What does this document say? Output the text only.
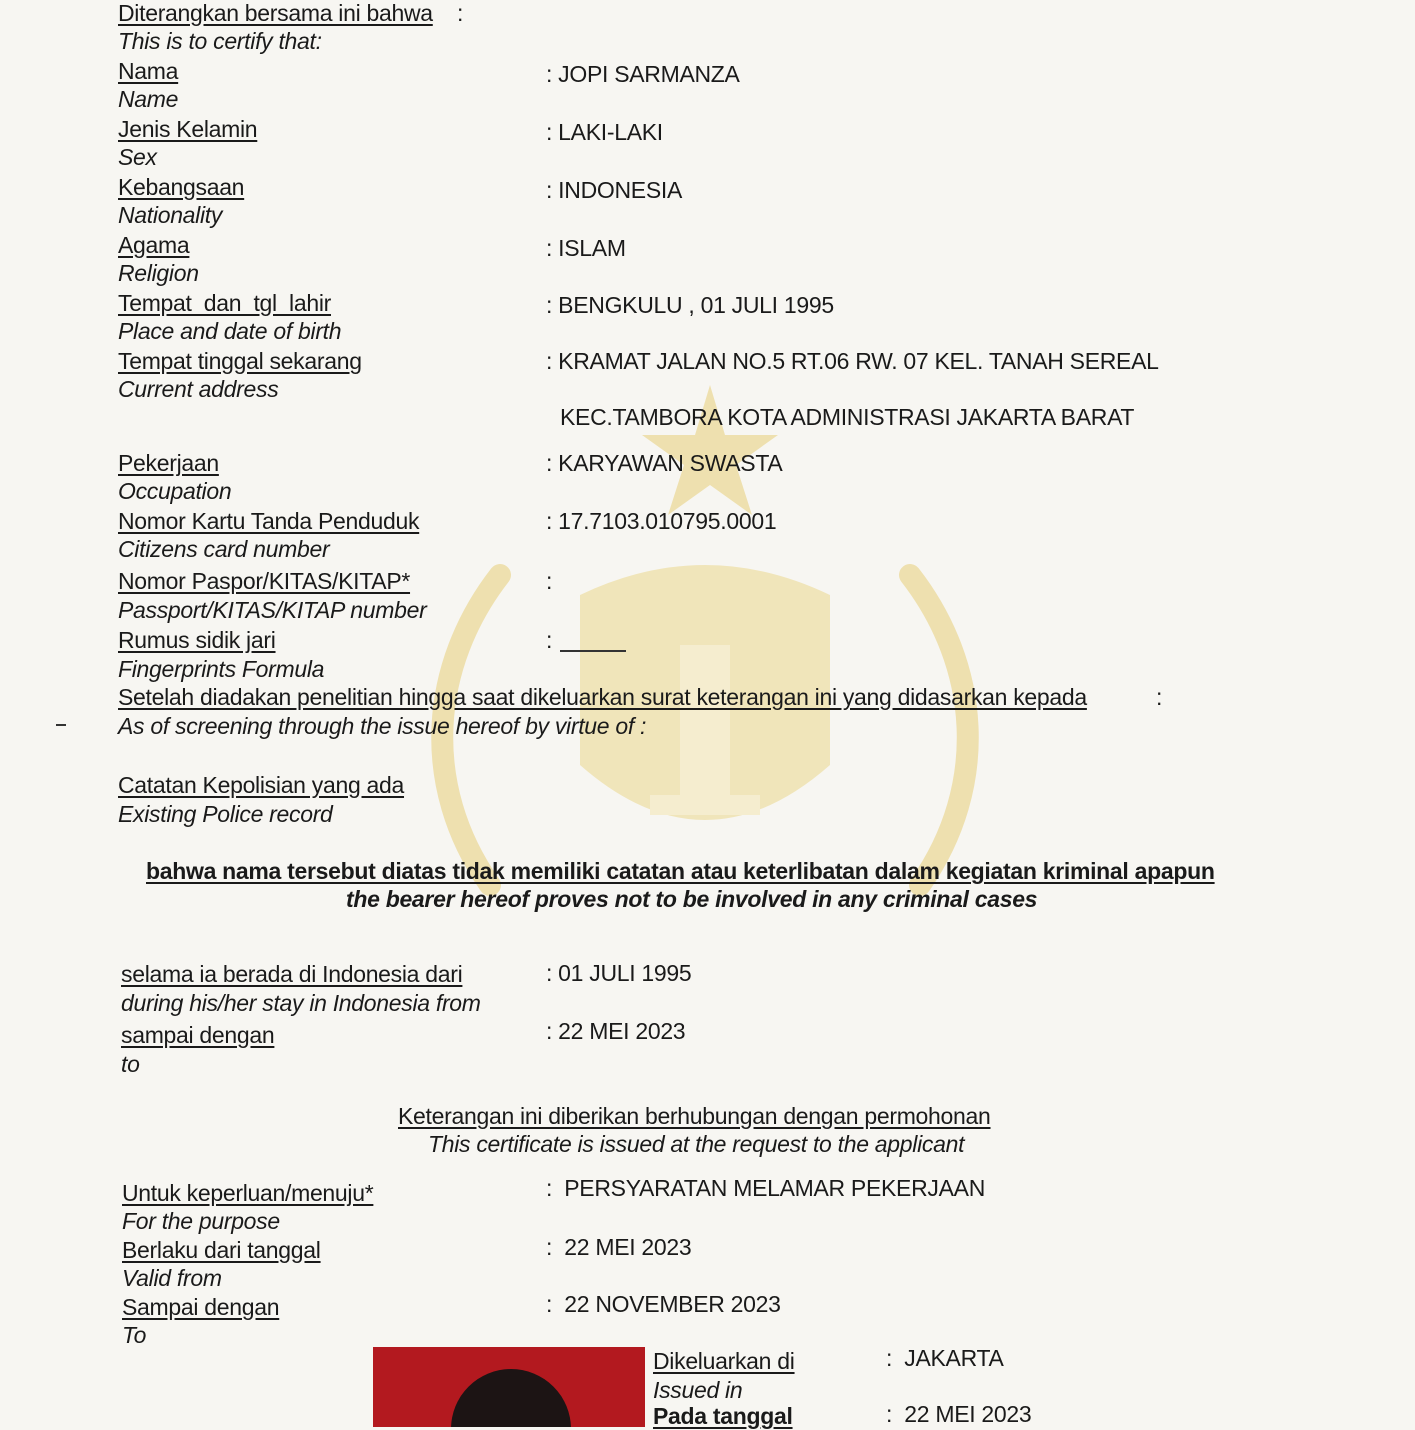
Diterangkan bersama ini bahwa :
This is to certify that:
Nama
Name
: JOPI SARMANZA
Jenis Kelamin
Sex
: LAKI-LAKI
Kebangsaan
Nationality
: INDONESIA
Agama
Religion
: ISLAM
Tempat  dan  tgl  lahir
Place and date of birth
: BENGKULU , 01 JULI 1995
Tempat tinggal sekarang
Current address
: KRAMAT JALAN NO.5 RT.06 RW. 07 KEL. TANAH SEREAL
KEC.TAMBORA KOTA ADMINISTRASI JAKARTA BARAT
Pekerjaan
Occupation
: KARYAWAN SWASTA
Nomor Kartu Tanda Penduduk
Citizens card number
: 17.7103.010795.0001
Nomor Paspor/KITAS/KITAP*
Passport/KITAS/KITAP number
:
Rumus sidik jari
Fingerprints Formula
:
Setelah diadakan penelitian hingga saat dikeluarkan surat keterangan ini yang didasarkan kepada	:
As of screening through the issue hereof by virtue of :
Catatan Kepolisian yang ada
Existing Police record
bahwa nama tersebut diatas tidak memiliki catatan atau keterlibatan dalam kegiatan kriminal apapun
the bearer hereof proves not to be involved in any criminal cases
selama ia berada di Indonesia dari
during his/her stay in Indonesia from
: 01 JULI 1995
sampai dengan
to
: 22 MEI 2023
Keterangan ini diberikan berhubungan dengan permohonan
This certificate is issued at the request to the applicant
Untuk keperluan/menuju*
For the purpose
:  PERSYARATAN MELAMAR PEKERJAAN
Berlaku dari tanggal
Valid from
:  22 MEI 2023
Sampai dengan
To
:  22 NOVEMBER 2023
Dikeluarkan di
Issued in
:  JAKARTA
Pada tanggal	:  22 MEI 2023
